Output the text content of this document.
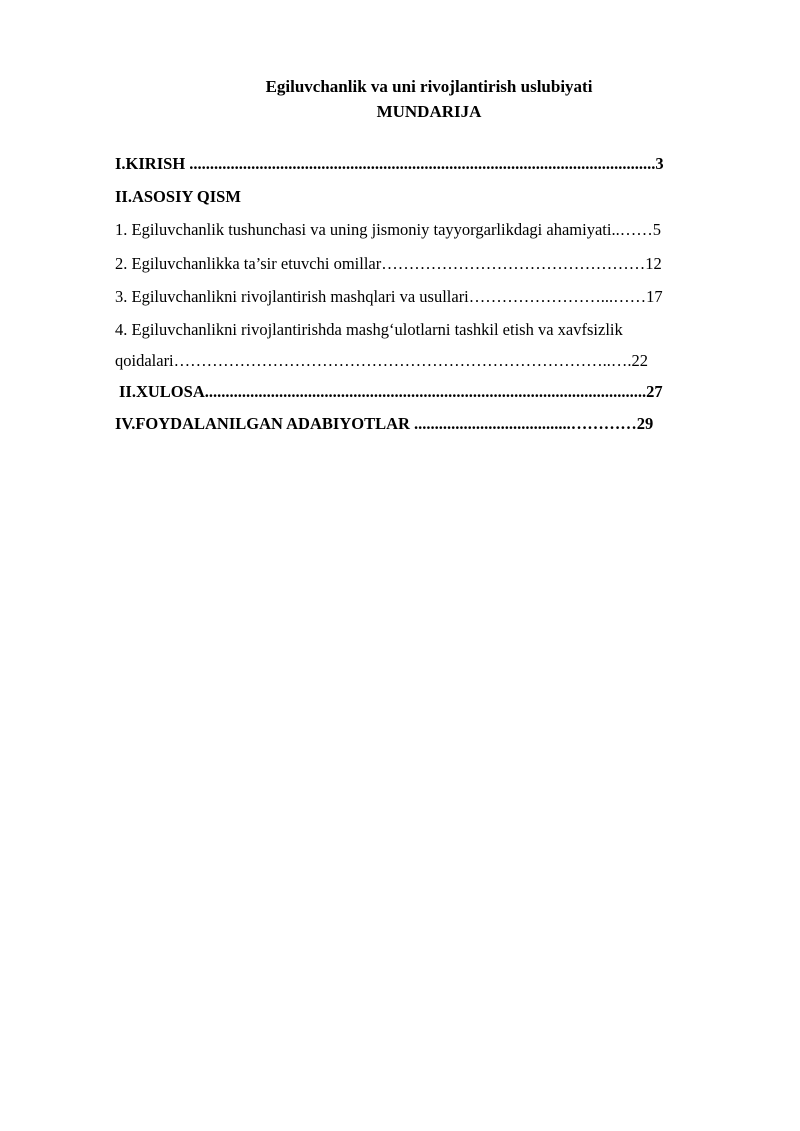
Egiluvchanlik va uni rivojlantirish uslubiyati
MUNDARIJA
I.KIRISH .................................................................................................................3
II.ASOSIY QISM
1. Egiluvchanlik tushunchasi va uning jismoniy tayyorgarlikdagi ahamiyati..……5
2. Egiluvchanlikka ta’sir etuvchi omillar…………………………………………12
3. Egiluvchanlikni rivojlantirish mashqlari va usullari……………………...……17
4. Egiluvchanlikni rivojlantirishda mashg‘ulotlarni tashkil etish va xavfsizlik
qoidalari……………………………………………………………………..….22
II.XULOSA...........................................................................................................27
IV.FOYDALANILGAN ADABIYOTLAR ......................................…………29
